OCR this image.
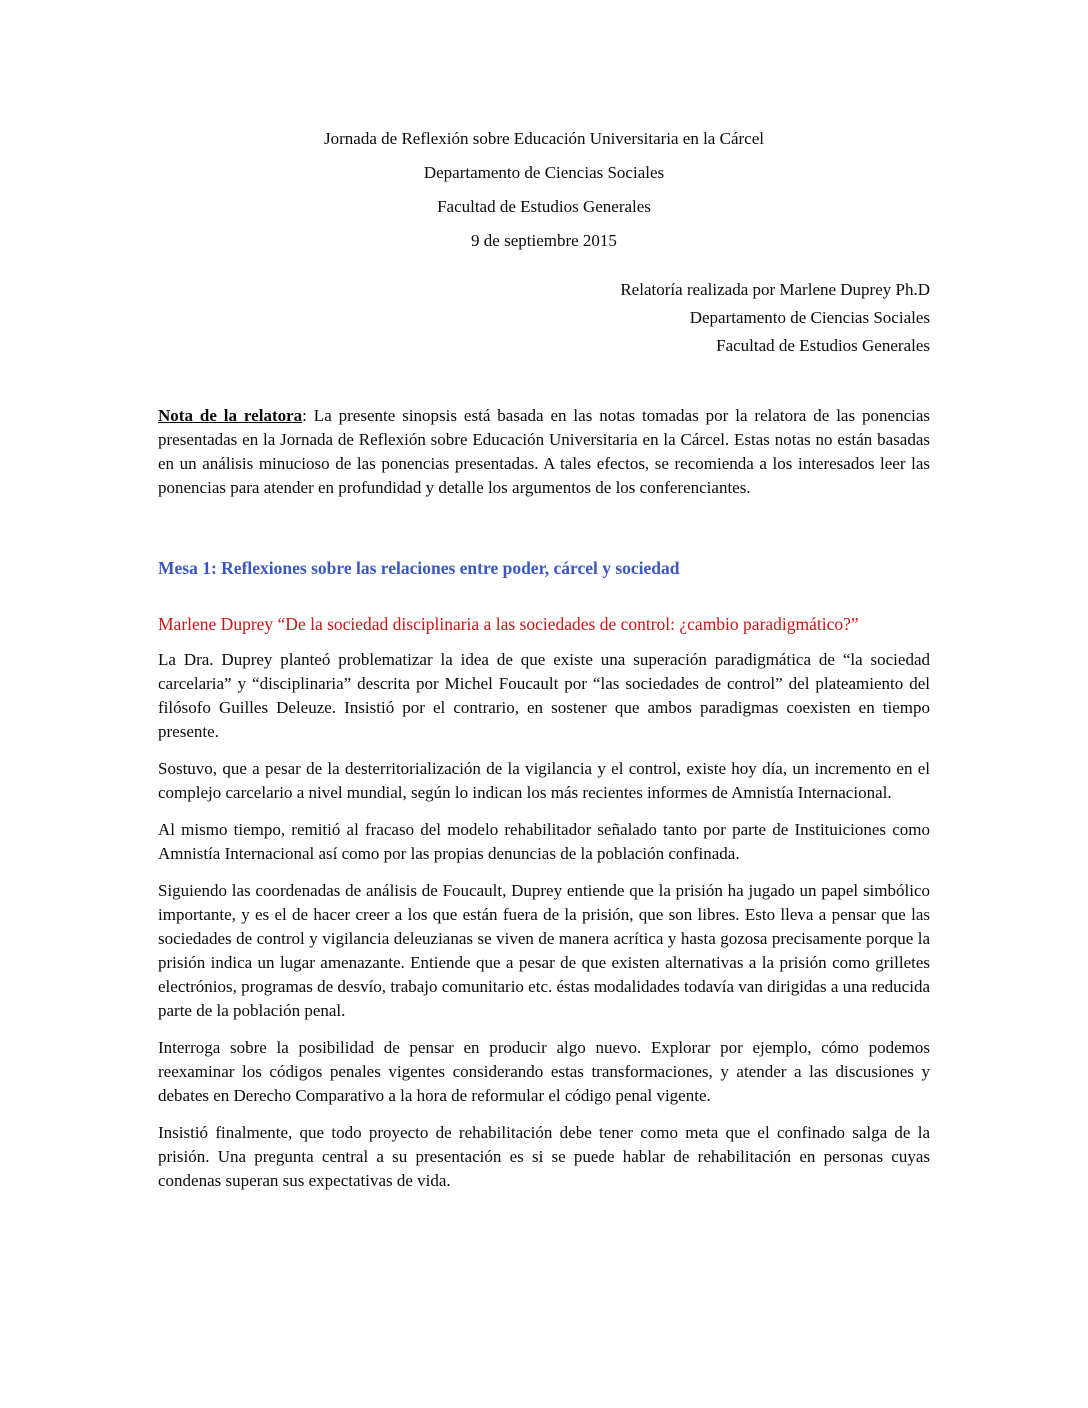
Jornada de Reflexión sobre Educación Universitaria en la Cárcel
Departamento de Ciencias Sociales
Facultad de Estudios Generales
9 de septiembre 2015
Relatoría realizada por Marlene Duprey Ph.D
Departamento de Ciencias Sociales
Facultad de Estudios Generales

Nota de la relatora: La presente sinopsis está basada en las notas tomadas por la relatora de las ponencias presentadas en la Jornada de Reflexión sobre Educación Universitaria en la Cárcel. Estas notas no están basadas en un análisis minucioso de las ponencias presentadas. A tales efectos, se recomienda a los interesados leer las ponencias para atender en profundidad y detalle los argumentos de los conferenciantes.

Mesa 1: Reflexiones sobre las relaciones entre poder, cárcel y sociedad

Marlene Duprey “De la sociedad disciplinaria a las sociedades de control: ¿cambio paradigmático?”

La Dra. Duprey planteó problematizar la idea de que existe una superación paradigmática de “la sociedad carcelaria” y “disciplinaria” descrita por Michel Foucault por “las sociedades de control” del plateamiento del filósofo Guilles Deleuze. Insistió por el contrario, en sostener que ambos paradigmas coexisten en tiempo presente.

Sostuvo, que a pesar de la desterritorialización de la vigilancia y el control, existe hoy día, un incremento en el complejo carcelario a nivel mundial, según lo indican los más recientes informes de Amnistía Internacional.

Al mismo tiempo, remitió al fracaso del modelo rehabilitador señalado tanto por parte de Instituiciones como Amnistía Internacional así como por las propias denuncias de la población confinada.

Siguiendo las coordenadas de análisis de Foucault, Duprey entiende que la prisión ha jugado un papel simbólico importante, y es el de hacer creer a los que están fuera de la prisión, que son libres. Esto lleva a pensar que las sociedades de control y vigilancia deleuzianas se viven de manera acrítica y hasta gozosa precisamente porque la prisión indica un lugar amenazante. Entiende que a pesar de que existen alternativas a la prisión como grilletes electrónios, programas de desvío, trabajo comunitario etc. éstas modalidades todavía van dirigidas a una reducida parte de la población penal.

Interroga sobre la posibilidad de pensar en producir algo nuevo. Explorar por ejemplo, cómo podemos reexaminar los códigos penales vigentes considerando estas transformaciones, y atender a las discusiones y debates en Derecho Comparativo a la hora de reformular el código penal vigente.

Insistió finalmente, que todo proyecto de rehabilitación debe tener como meta que el confinado salga de la prisión. Una pregunta central a su presentación es si se puede hablar de rehabilitación en personas cuyas condenas superan sus expectativas de vida.
